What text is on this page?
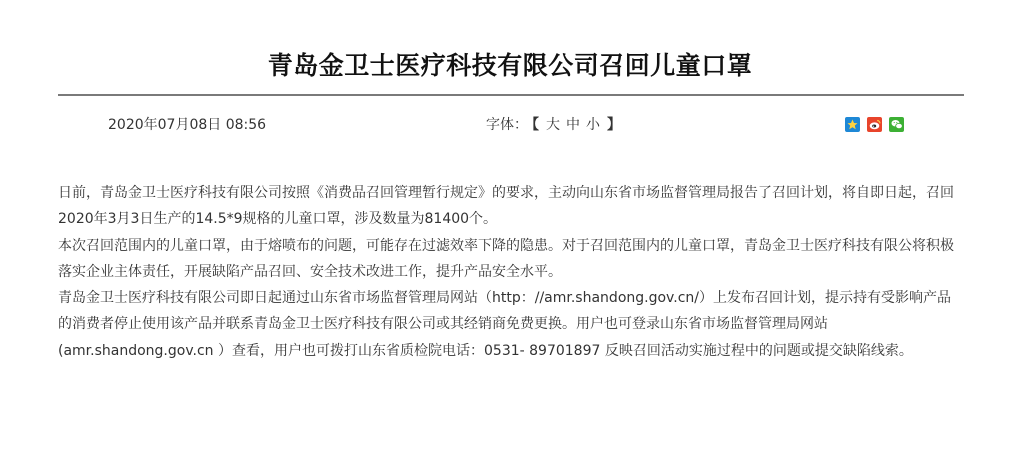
青岛金卫士医疗科技有限公司召回儿童口罩
2020年07月08日 08:56	字体： 【 大 中 小 】

日前，青岛金卫士医疗科技有限公司按照《消费品召回管理暂行规定》的要求，主动向山东省市场监督管理局报告了召回计划，将自即日起，召回2020年3月3日生产的14.5*9规格的儿童口罩，涉及数量为81400个。

本次召回范围内的儿童口罩，由于熔喷布的问题，可能存在过滤效率下降的隐患。对于召回范围内的儿童口罩，青岛金卫士医疗科技有限公将积极落实企业主体责任，开展缺陷产品召回、安全技术改进工作，提升产品安全水平。

青岛金卫士医疗科技有限公司即日起通过山东省市场监督管理局网站（http：//amr.shandong.gov.cn/）上发布召回计划，提示持有受影响产品的消费者停止使用该产品并联系青岛金卫士医疗科技有限公司或其经销商免费更换。用户也可登录山东省市场监督管理局网站(amr.shandong.gov.cn ）查看，用户也可拨打山东省质检院电话：0531- 89701897 反映召回活动实施过程中的问题或提交缺陷线索。
